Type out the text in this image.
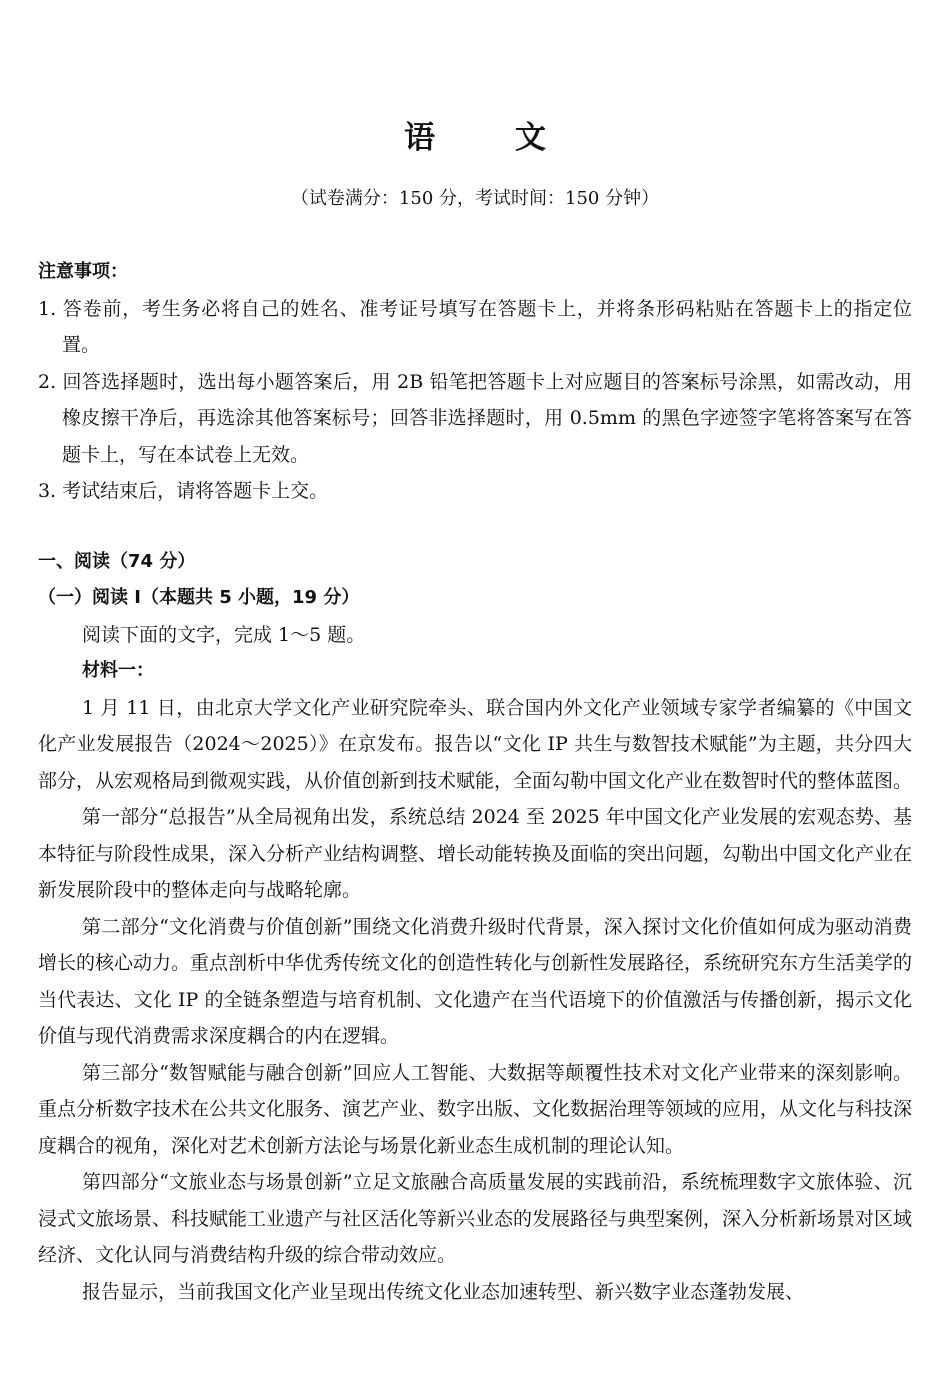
语文
（试卷满分：150 分，考试时间：150 分钟）

注意事项：

1. 答卷前，考生务必将自己的姓名、准考证号填写在答题卡上，并将条形码粘贴在答题卡上的指定位置。

2. 回答选择题时，选出每小题答案后，用 2B 铅笔把答题卡上对应题目的答案标号涂黑，如需改动，用橡皮擦干净后，再选涂其他答案标号；回答非选择题时，用 0.5mm 的黑色字迹签字笔将答案写在答题卡上，写在本试卷上无效。

3. 考试结束后，请将答题卡上交。

一、阅读（74 分）

（一）阅读 Ⅰ（本题共 5 小题，19 分）

阅读下面的文字，完成 1～5 题。

材料一：

1 月 11 日，由北京大学文化产业研究院牵头、联合国内外文化产业领域专家学者编纂的《中国文化产业发展报告（2024～2025）》在京发布。报告以“文化 IP 共生与数智技术赋能”为主题，共分四大部分，从宏观格局到微观实践，从价值创新到技术赋能，全面勾勒中国文化产业在数智时代的整体蓝图。

第一部分“总报告”从全局视角出发，系统总结 2024 至 2025 年中国文化产业发展的宏观态势、基本特征与阶段性成果，深入分析产业结构调整、增长动能转换及面临的突出问题，勾勒出中国文化产业在新发展阶段中的整体走向与战略轮廓。

第二部分“文化消费与价值创新”围绕文化消费升级时代背景，深入探讨文化价值如何成为驱动消费增长的核心动力。重点剖析中华优秀传统文化的创造性转化与创新性发展路径，系统研究东方生活美学的当代表达、文化 IP 的全链条塑造与培育机制、文化遗产在当代语境下的价值激活与传播创新，揭示文化价值与现代消费需求深度耦合的内在逻辑。

第三部分“数智赋能与融合创新”回应人工智能、大数据等颠覆性技术对文化产业带来的深刻影响。重点分析数字技术在公共文化服务、演艺产业、数字出版、文化数据治理等领域的应用，从文化与科技深度耦合的视角，深化对艺术创新方法论与场景化新业态生成机制的理论认知。

第四部分“文旅业态与场景创新”立足文旅融合高质量发展的实践前沿，系统梳理数字文旅体验、沉浸式文旅场景、科技赋能工业遗产与社区活化等新兴业态的发展路径与典型案例，深入分析新场景对区域经济、文化认同与消费结构升级的综合带动效应。

报告显示，当前我国文化产业呈现出传统文化业态加速转型、新兴数字业态蓬勃发展、
